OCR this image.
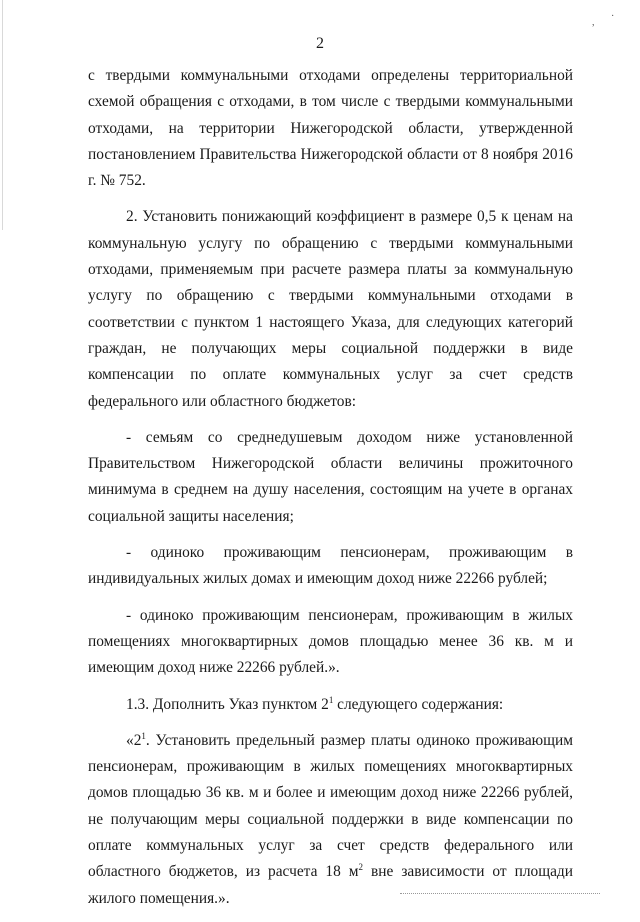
,
·
2

с твердыми коммунальными отходами определены территориальной схемой обращения с отходами, в том числе с твердыми коммунальными отходами, на территории Нижегородской области, утвержденной постановлением Правительства Нижегородской области от 8 ноября 2016 г. № 752.

2. Установить понижающий коэффициент в размере 0,5 к ценам на коммунальную услугу по обращению с твердыми коммунальными отходами, применяемым при расчете размера платы за коммунальную услугу по обращению с твердыми коммунальными отходами в соответствии с пунктом 1 настоящего Указа, для следующих категорий граждан, не получающих меры социальной поддержки в виде компенсации по оплате коммунальных услуг за счет средств федерального или областного бюджетов:

- семьям со среднедушевым доходом ниже установленной Правительством Нижегородской области величины прожиточного минимума в среднем на душу населения, состоящим на учете в органах социальной защиты населения;

- одиноко проживающим пенсионерам, проживающим в индивидуальных жилых домах и имеющим доход ниже 22266 рублей;

- одиноко проживающим пенсионерам, проживающим в жилых помещениях многоквартирных домов площадью менее 36 кв. м и имеющим доход ниже 22266 рублей.».

1.3. Дополнить Указ пунктом $2^1$ следующего содержания:

«$2^1$. Установить предельный размер платы одиноко проживающим пенсионерам, проживающим в жилых помещениях многоквартирных домов площадью 36 кв. м и более и имеющим доход ниже 22266 рублей, не получающим меры социальной поддержки в виде компенсации по оплате коммунальных услуг за счет средств федерального или областного бюджетов, из расчета 18 $м^2$ вне зависимости от площади жилого помещения.».
